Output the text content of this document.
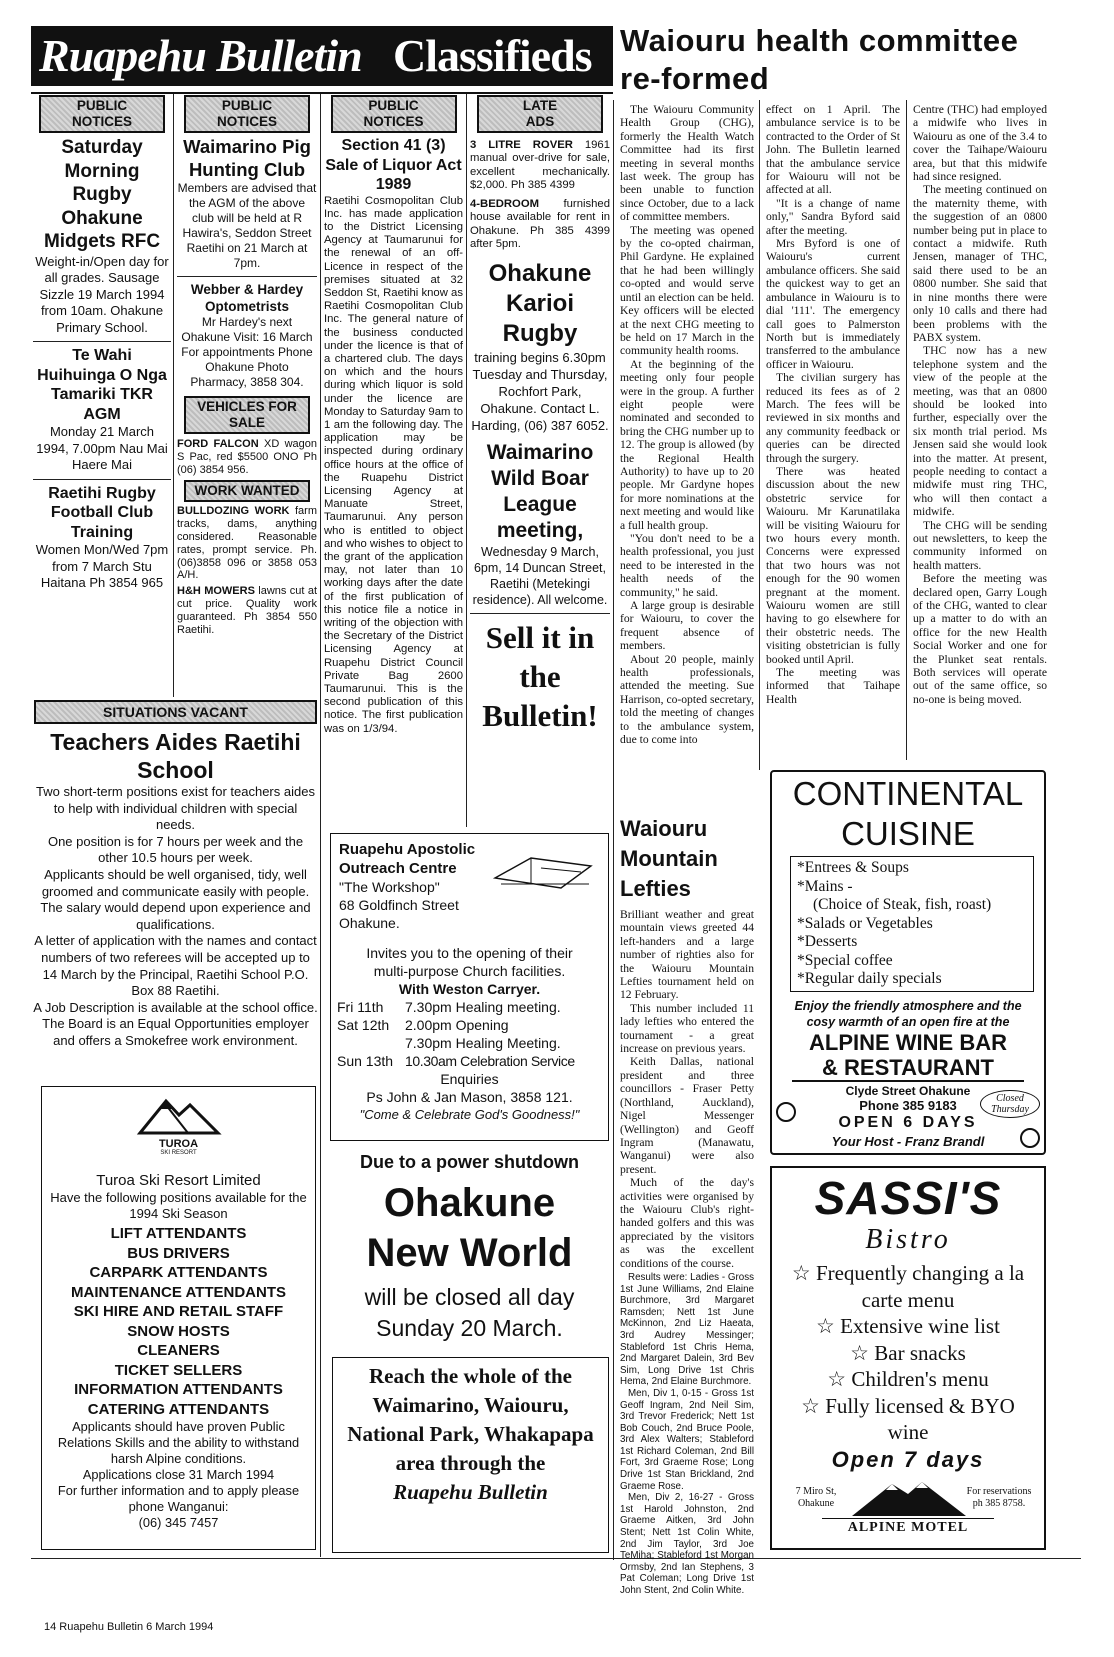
Ruapehu Bulletin Classifieds
PUBLIC
NOTICES
Saturday Morning Rugby Ohakune Midgets RFC
Weight-in/Open day for all grades. Sausage Sizzle 19 March 1994 from 10am. Ohakune Primary School.
Te Wahi Huihuinga O Nga Tamariki TKR AGM
Monday 21 March 1994, 7.00pm Nau Mai Haere Mai
Raetihi Rugby Football Club Training
Women Mon/Wed 7pm from 7 March Stu Haitana Ph 3854 965
PUBLIC
NOTICES
Waimarino Pig Hunting Club
Members are advised that the AGM of the above club will be held at R Hawira's, Seddon Street Raetihi on 21 March at 7pm.
Webber & Hardey Optometrists
Mr Hardey's next Ohakune Visit: 16 March For appointments Phone Ohakune Photo Pharmacy, 3858 304.
VEHICLES FOR
SALE
FORD FALCON XD wagon S Pac, red $5500 ONO Ph (06) 3854 956.
WORK WANTED
BULLDOZING WORK farm tracks, dams, anything considered. Reasonable rates, prompt service. Ph. (06)3858 096 or 3858 053 A/H.
H&H MOWERS lawns cut at cut price. Quality work guaranteed. Ph 3854 550 Raetihi.
PUBLIC
NOTICES
Section 41 (3) Sale of Liquor Act 1989
Raetihi Cosmopolitan Club Inc. has made application to the District Licensing Agency at Taumarunui for the renewal of an off-Licence in respect of the premises situated at 32 Seddon St, Raetihi know as Raetihi Cosmopolitan Club Inc. The general nature of the business conducted under the licence is that of a chartered club. The days on which and the hours during which liquor is sold under the licence are Monday to Saturday 9am to 1 am the following day. The application may be inspected during ordinary office hours at the office of the Ruapehu District Licensing Agency at Manuate Street, Taumarunui. Any person who is entitled to object and who wishes to object to the grant of the application may, not later than 10 working days after the date of the first publication of this notice file a notice in writing of the objection with the Secretary of the District Licensing Agency at Ruapehu District Council Private Bag 2600 Taumarunui. This is the second publication of this notice. The first publication was on 1/3/94.
LATE
ADS
3 LITRE ROVER 1961 manual over-drive for sale, excellent mechanically. $2,000. Ph 385 4399
4-BEDROOM furnished house available for rent in Ohakune. Ph 385 4399 after 5pm.
Ohakune Karioi Rugby
training begins 6.30pm Tuesday and Thursday, Rochfort Park, Ohakune. Contact L. Harding, (06) 387 6052.
Waimarino Wild Boar League meeting,
Wednesday 9 March, 6pm, 14 Duncan Street, Raetihi (Metekingi residence). All welcome.
Sell it in the Bulletin!
SITUATIONS VACANT
Teachers Aides Raetihi School
Two short-term positions exist for teachers aides to help with individual children with special needs.
One position is for 7 hours per week and the other 10.5 hours per week.
Applicants should be well organised, tidy, well groomed and communicate easily with people. The salary would depend upon experience and qualifications.
A letter of application with the names and contact numbers of two referees will be accepted up to 14 March by the Principal, Raetihi School P.O. Box 88 Raetihi.
A Job Description is available at the school office. The Board is an Equal Opportunities employer and offers a Smokefree work environment.
TUROA
SKI RESORT
Turoa Ski Resort Limited
Have the following positions available for the 1994 Ski Season
LIFT ATTENDANTS
BUS DRIVERS
CARPARK ATTENDANTS
MAINTENANCE ATTENDANTS
SKI HIRE AND RETAIL STAFF
SNOW HOSTS
CLEANERS
TICKET SELLERS
INFORMATION ATTENDANTS
CATERING ATTENDANTS
Applicants should have proven Public Relations Skills and the ability to withstand harsh Alpine conditions.
Applications close 31 March 1994
For further information and to apply please phone Wanganui:
(06) 345 7457
Ruapehu Apostolic Outreach Centre
"The Workshop"
68 Goldfinch Street
Ohakune.
Invites you to the opening of their multi-purpose Church facilities.
With Weston Carryer.
Fri 11th	7.30pm Healing meeting.
Sat 12th	2.00pm Opening
	7.30pm Healing Meeting.
Sun 13th	10.30am Celebration Service
Enquiries
Ps John & Jan Mason, 3858 121.
"Come & Celebrate God's Goodness!"
Due to a power shutdown
Ohakune
New World
will be closed all day
Sunday 20 March.
Reach the whole of the Waimarino, Waiouru, National Park, Whakapapa area through the
Ruapehu Bulletin
Waiouru health committee re-formed

The Waiouru Community Health Group (CHG), formerly the Health Watch Committee had its first meeting in several months last week. The group has been unable to function since October, due to a lack of committee members.

The meeting was opened by the co-opted chairman, Phil Gardyne. He explained that he had been willingly co-opted and would serve until an election can be held. Key officers will be elected at the next CHG meeting to be held on 17 March in the community health rooms.

At the beginning of the meeting only four people were in the group. A further eight people were nominated and seconded to bring the CHG number up to 12. The group is allowed (by the Regional Health Authority) to have up to 20 people. Mr Gardyne hopes for more nominations at the next meeting and would like a full health group.

"You don't need to be a health professional, you just need to be interested in the health needs of the community," he said.

A large group is desirable for Waiouru, to cover the frequent absence of members.

About 20 people, mainly health professionals, attended the meeting. Sue Harrison, co-opted secretary, told the meeting of changes to the ambulance system, due to come into

effect on 1 April. The ambulance service is to be contracted to the Order of St John. The Bulletin learned that the ambulance service for Waiouru will not be affected at all.

"It is a change of name only," Sandra Byford said after the meeting.

Mrs Byford is one of Waiouru's current ambulance officers. She said the quickest way to get an ambulance in Waiouru is to dial '111'. The emergency call goes to Palmerston North but is immediately transferred to the ambulance officer in Waiouru.

The civilian surgery has reduced its fees as of 2 March. The fees will be reviewed in six months and any community feedback or queries can be directed through the surgery.

There was heated discussion about the new obstetric service for Waiouru. Mr Karunatilaka will be visiting Waiouru for two hours every month. Concerns were expressed that two hours was not enough for the 90 women pregnant at the moment. Waiouru women are still having to go elsewhere for their obstetric needs. The visiting obstetrician is fully booked until April.

The meeting was informed that Taihape Health

Centre (THC) had employed a midwife who lives in Waiouru as one of the 3.4 to cover the Taihape/Waiouru area, but that this midwife had since resigned.

The meeting continued on the maternity theme, with the suggestion of an 0800 number being put in place to contact a midwife. Ruth Jensen, manager of THC, said there used to be an 0800 number. She said that in nine months there were only 10 calls and there had been problems with the PABX system.

THC now has a new telephone system and the view of the people at the meeting, was that an 0800 should be looked into further, especially over the six month trial period. Ms Jensen said she would look into the matter. At present, people needing to contact a midwife must ring THC, who will then contact a midwife.

The CHG will be sending out newsletters, to keep the community informed on health matters.

Before the meeting was declared open, Garry Lough of the CHG, wanted to clear up a matter to do with an office for the new Health Social Worker and one for the Plunket seat rentals. Both services will operate out of the same office, so no-one is being moved.

Waiouru Mountain Lefties

Brilliant weather and great mountain views greeted 44 left-handers and a large number of righties also for the Waiouru Mountain Lefties tournament held on 12 February.

This number included 11 lady lefties who entered the tournament - a great increase on previous years.

Keith Dallas, national president and three councillors - Fraser Petty (Northland, Auckland), Nigel Messenger (Wellington) and Geoff Ingram (Manawatu, Wanganui) were also present.

Much of the day's activities were organised by the Waiouru Club's right-handed golfers and this was appreciated by the visitors as was the excellent conditions of the course.

Results were: Ladies - Gross 1st June Williams, 2nd Elaine Burchmore, 3rd Margaret Ramsden; Nett 1st June McKinnon, 2nd Liz Haeata, 3rd Audrey Messinger; Stableford 1st Chris Hema, 2nd Margaret Dalein, 3rd Bev Sim, Long Drive 1st Chris Hema, 2nd Elaine Burchmore.

Men, Div 1, 0-15 - Gross 1st Geoff Ingram, 2nd Neil Sim, 3rd Trevor Frederick; Nett 1st Bob Couch, 2nd Bruce Poole, 3rd Alex Walters; Stableford 1st Richard Coleman, 2nd Bill Fort, 3rd Graeme Rose; Long Drive 1st Stan Brickland, 2nd Graeme Rose.

Men, Div 2, 16-27 - Gross 1st Harold Johnston, 2nd Graeme Aitken, 3rd John Stent; Nett 1st Colin White, 2nd Jim Taylor, 3rd Joe TeMiha; Stableford 1st Morgan Ormsby, 2nd Ian Stephens, 3 Pat Coleman; Long Drive 1st John Stent, 2nd Colin White.

CONTINENTAL
CUISINE
*Entrees & Soups
*Mains -
(Choice of Steak, fish, roast)
*Salads or Vegetables
*Desserts
*Special coffee
*Regular daily specials
Enjoy the friendly atmosphere and the cosy warmth of an open fire at the
ALPINE WINE BAR
& RESTAURANT
Clyde Street Ohakune
Phone 385 9183	Closed Thursday
OPEN 6 DAYS
Your Host - Franz Brandl
SASSI'S
Bistro
☆ Frequently changing a la carte menu
☆ Extensive wine list
☆ Bar snacks
☆ Children's menu
☆ Fully licensed & BYO wine
Open 7 days
7 Miro St, Ohakune
For reservations ph 385 8758.
ALPINE MOTEL
14 Ruapehu Bulletin 6 March 1994
